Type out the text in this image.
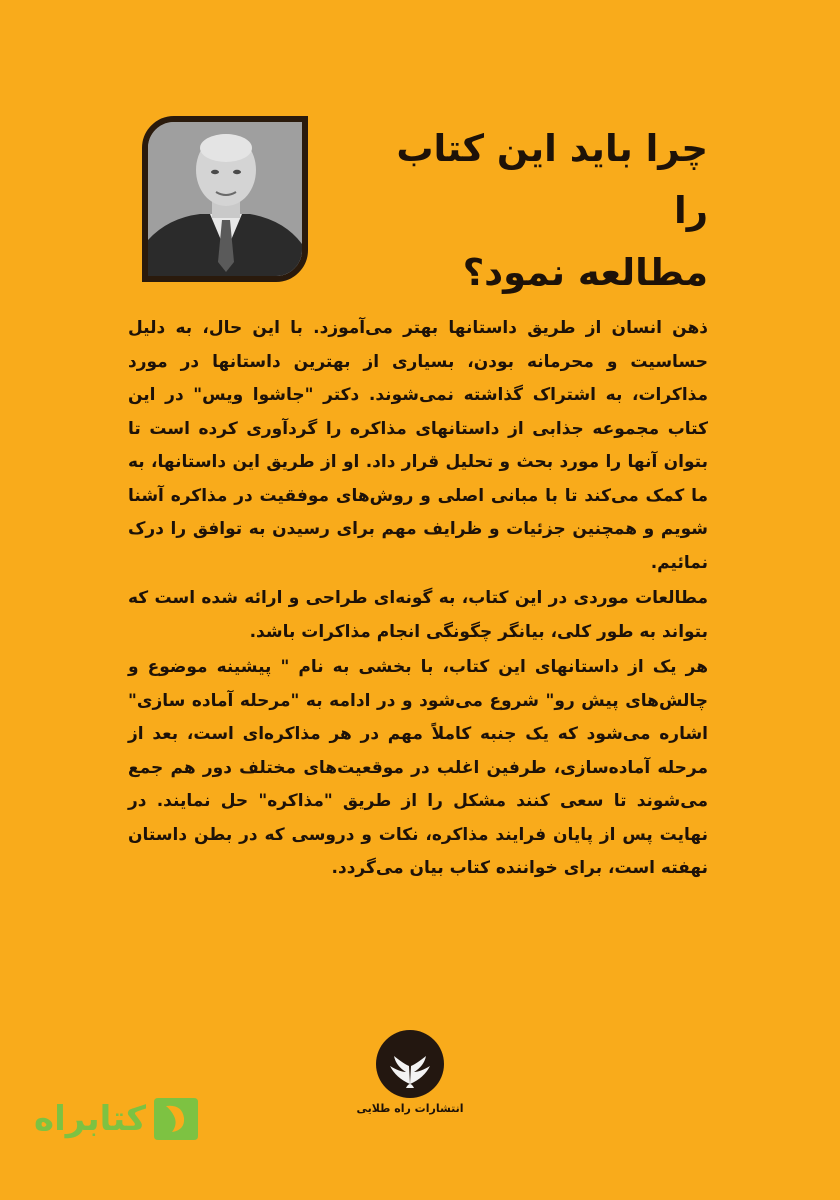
چرا باید این کتاب را
مطالعه نمود؟

ذهن انسان از طریق داستانها بهتر می‌آموزد. با این حال، به دلیل حساسیت و محرمانه بودن، بسیاری از بهترین داستانها در مورد مذاکرات، به اشتراک گذاشته نمی‌شوند. دکتر "جاشوا ویس" در این کتاب مجموعه جذابی از داستانهای مذاکره را گردآوری کرده است تا بتوان آنها را مورد بحث و تحلیل قرار داد. او از طریق این داستانها، به ما کمک می‌کند تا با مبانی اصلی و روش‌های موفقیت در مذاکره آشنا شویم و همچنین جزئیات و ظرایف مهم برای رسیدن به توافق را درک نمائیم.

مطالعات موردی در این کتاب، به گونه‌ای طراحی و ارائه شده است که بتواند به طور کلی، بیانگر چگونگی انجام مذاکرات باشد.

هر یک از داستانهای این کتاب، با بخشی به نام " پیشینه موضوع و چالش‌های پیش رو" شروع می‌شود و در ادامه به "مرحله آماده سازی" اشاره می‌شود که یک جنبه کاملاً مهم در هر مذاکره‌ای است، بعد از مرحله آماده‌سازی، طرفین اغلب در موقعیت‌های مختلف دور هم جمع می‌شوند تا سعی کنند مشکل را از طریق "مذاکره" حل نمایند. در نهایت پس از پایان فرایند مذاکره، نکات و دروسی که در بطن داستان نهفته است، برای خواننده کتاب بیان می‌گردد.

انتشارات راه طلایی
کتابراه
